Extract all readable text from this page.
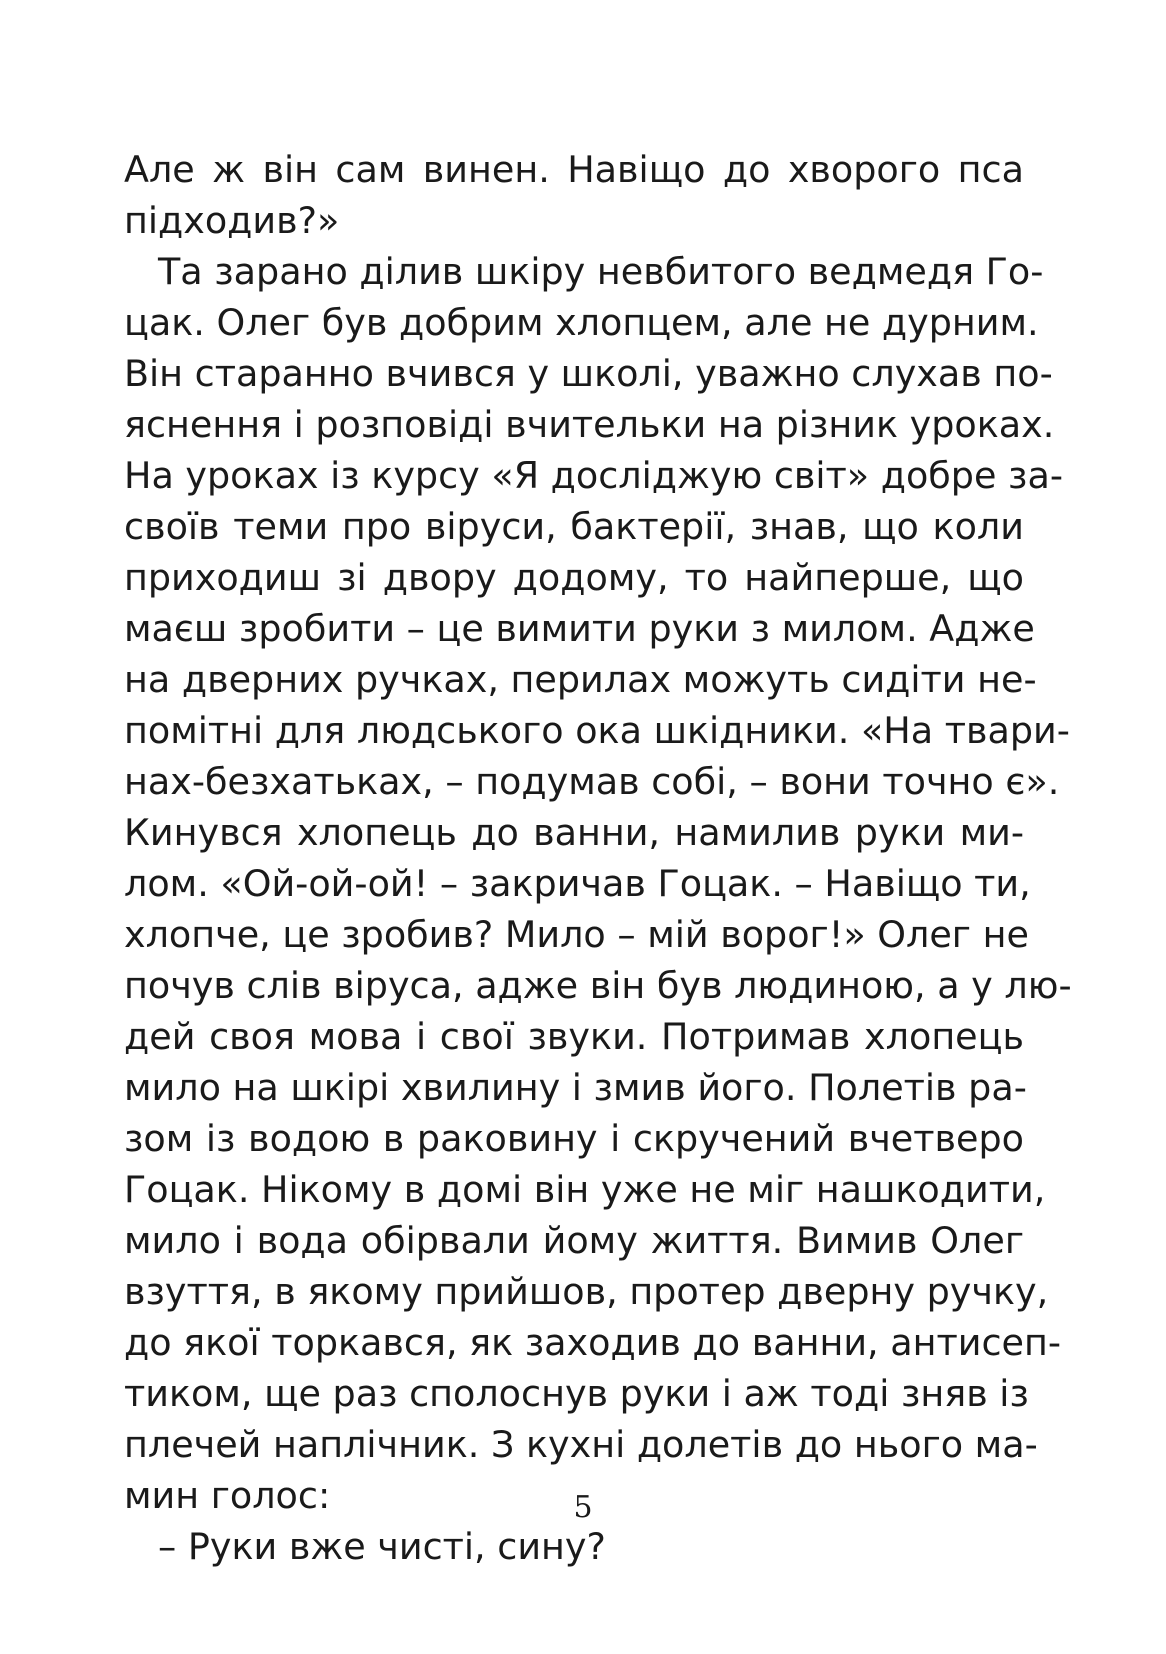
Але ж він сам винен. Навіщо до хворого пса
підходив?»
Та зарано ділив шкіру невбитого ведмедя Го-
цак. Олег був добрим хлопцем, але не дурним.
Він старанно вчився у школі, уважно слухав по-
яснення і розповіді вчительки на різник уроках.
На уроках із курсу «Я досліджую світ» добре за-
своїв теми про віруси, бактерії, знав, що коли
приходиш зі двору додому, то найперше, що
маєш зробити – це вимити руки з милом. Адже
на дверних ручках, перилах можуть сидіти не-
помітні для людського ока шкідники. «На твари-
нах-безхатьках, – подумав собі, – вони точно є».
Кинувся хлопець до ванни, намилив руки ми-
лом. «Ой-ой-ой! – закричав Гоцак. – Навіщо ти,
хлопче, це зробив? Мило – мій ворог!» Олег не
почув слів віруса, адже він був людиною, а у лю-
дей своя мова і свої звуки. Потримав хлопець
мило на шкірі хвилину і змив його. Полетів ра-
зом із водою в раковину і скручений вчетверо
Гоцак. Нікому в домі він уже не міг нашкодити,
мило і вода обірвали йому життя. Вимив Олег
взуття, в якому прийшов, протер дверну ручку,
до якої торкався, як заходив до ванни, антисеп-
тиком, ще раз сполоснув руки і аж тоді зняв із
плечей наплічник. З кухні долетів до нього ма-
мин голос:
– Руки вже чисті, сину?
5
